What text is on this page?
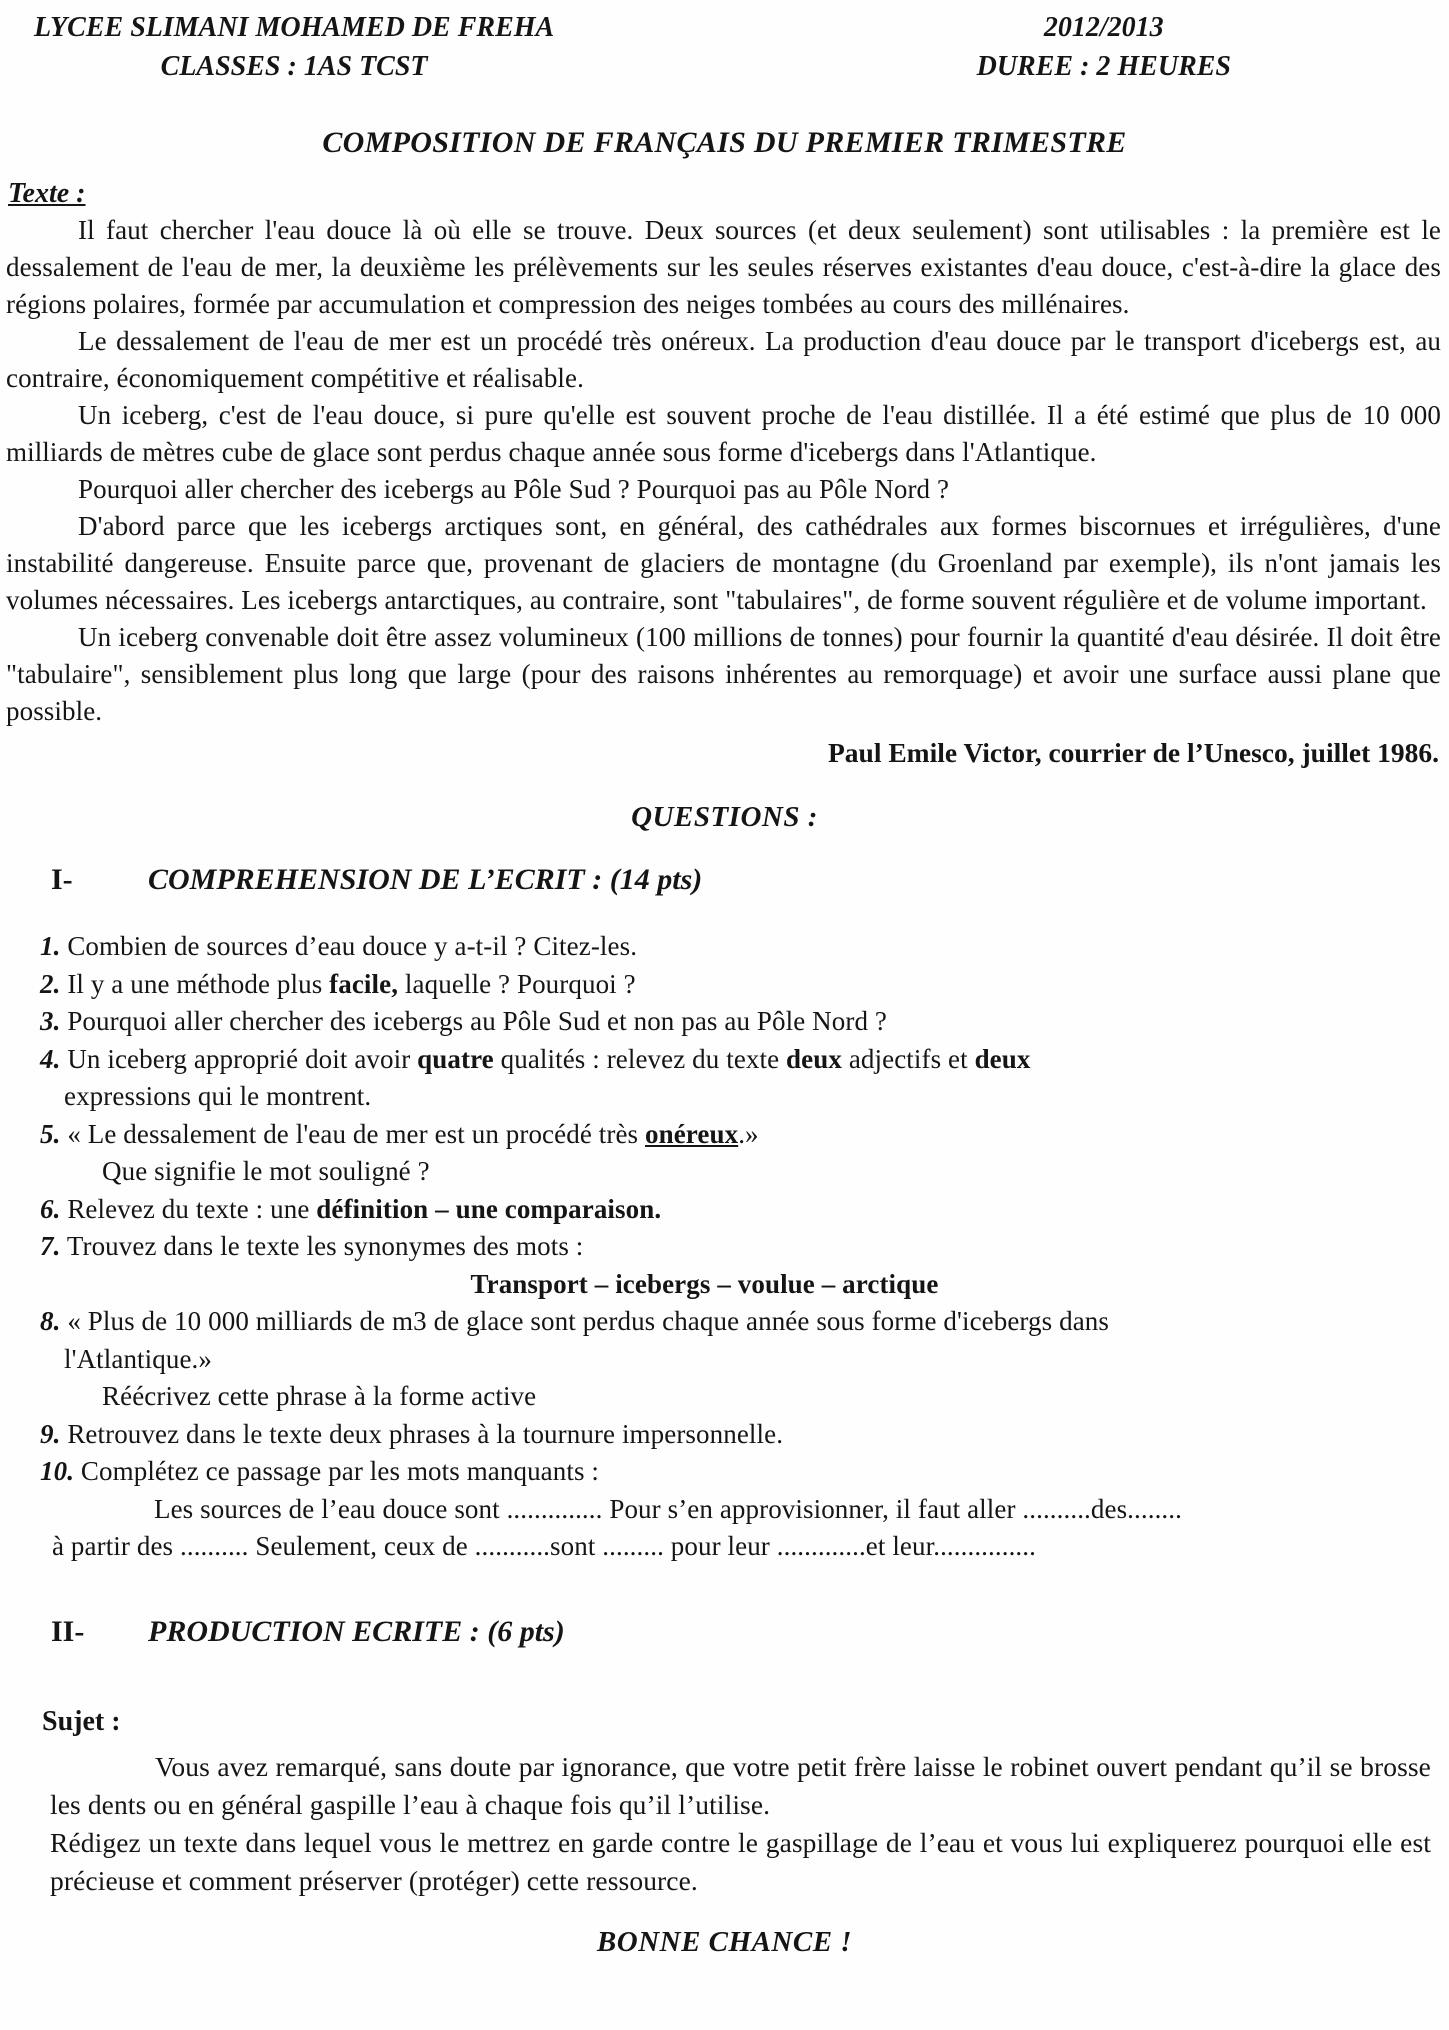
LYCEE SLIMANI MOHAMED DE FREHA
CLASSES : 1AS TCST
2012/2013
DUREE : 2 HEURES
COMPOSITION DE FRANÇAIS DU PREMIER TRIMESTRE
Texte :

Il faut chercher l'eau douce là où elle se trouve. Deux sources (et deux seulement) sont utilisables : la première est le dessalement de l'eau de mer, la deuxième les prélèvements sur les seules réserves existantes d'eau douce, c'est-à-dire la glace des régions polaires, formée par accumulation et compression des neiges tombées au cours des millénaires.

Le dessalement de l'eau de mer est un procédé très onéreux. La production d'eau douce par le transport d'icebergs est, au contraire, économiquement compétitive et réalisable.

Un iceberg, c'est de l'eau douce, si pure qu'elle est souvent proche de l'eau distillée. Il a été estimé que plus de 10 000 milliards de mètres cube de glace sont perdus chaque année sous forme d'icebergs dans l'Atlantique.

Pourquoi aller chercher des icebergs au Pôle Sud ? Pourquoi pas au Pôle Nord ?

D'abord parce que les icebergs arctiques sont, en général, des cathédrales aux formes biscornues et irrégulières, d'une instabilité dangereuse. Ensuite parce que, provenant de glaciers de montagne (du Groenland par exemple), ils n'ont jamais les volumes nécessaires. Les icebergs antarctiques, au contraire, sont "tabulaires", de forme souvent régulière et de volume important.

Un iceberg convenable doit être assez volumineux (100 millions de tonnes) pour fournir la quantité d'eau désirée. Il doit être "tabulaire", sensiblement plus long que large (pour des raisons inhérentes au remorquage) et avoir une surface aussi plane que possible.

Paul Emile Victor, courrier de l’Unesco, juillet 1986.
QUESTIONS :
I-	COMPREHENSION DE L’ECRIT : (14 pts)
1. Combien de sources d’eau douce y a-t-il ? Citez-les.
2. Il y a une méthode plus facile, laquelle ? Pourquoi ?
3. Pourquoi aller chercher des icebergs au Pôle Sud et non pas au Pôle Nord ?
4. Un iceberg approprié doit avoir quatre qualités : relevez du texte deux adjectifs et deux
expressions qui le montrent.
5. « Le dessalement de l'eau de mer est un procédé très onéreux.»
Que signifie le mot souligné ?
6. Relevez du texte : une définition – une comparaison.
7. Trouvez dans le texte les synonymes des mots :
Transport – icebergs – voulue – arctique
8. « Plus de 10 000 milliards de m3 de glace sont perdus chaque année sous forme d'icebergs dans
l'Atlantique.»
Réécrivez cette phrase à la forme active
9. Retrouvez dans le texte deux phrases à la tournure impersonnelle.
10. Complétez ce passage par les mots manquants :
Les sources de l’eau douce sont .............. Pour s’en approvisionner, il faut aller ..........des........
à partir des .......... Seulement, ceux de ...........sont ......... pour leur .............et leur...............
II- PRODUCTION ECRITE : (6 pts)
Sujet :

Vous avez remarqué, sans doute par ignorance, que votre petit frère laisse le robinet ouvert pendant qu’il se brosse les dents ou en général gaspille l’eau à chaque fois qu’il l’utilise.

Rédigez un texte dans lequel vous le mettrez en garde contre le gaspillage de l’eau et vous lui expliquerez pourquoi elle est précieuse et comment préserver (protéger) cette ressource.

BONNE CHANCE !
